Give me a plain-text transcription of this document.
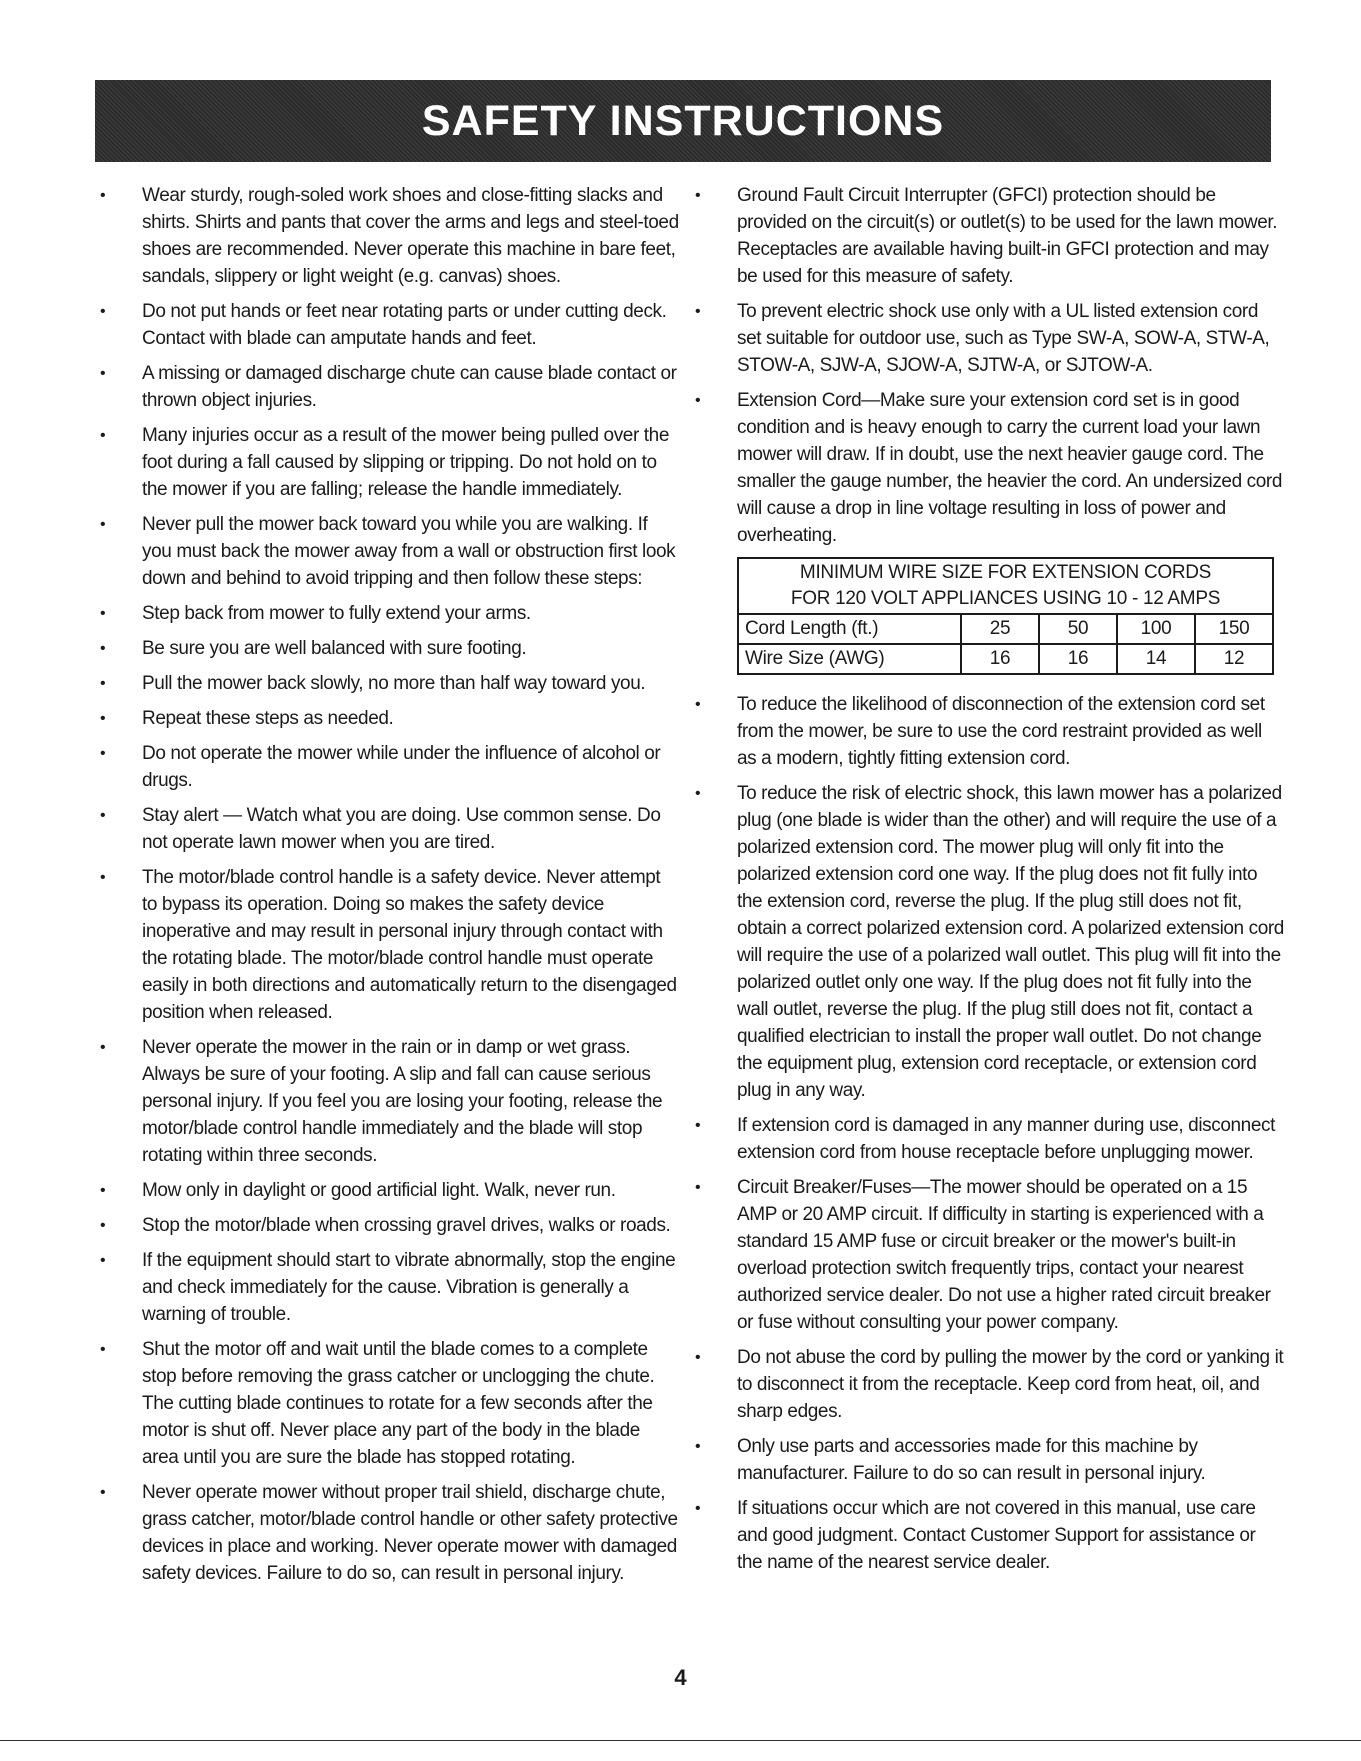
SAFETY INSTRUCTIONS
• Wear sturdy, rough-soled work shoes and close-fitting slacks and shirts. Shirts and pants that cover the arms and legs and steel-toed shoes are recommended. Never operate this machine in bare feet, sandals, slippery or light weight (e.g. canvas) shoes.
• Do not put hands or feet near rotating parts or under cutting deck. Contact with blade can amputate hands and feet.
• A missing or damaged discharge chute can cause blade contact or thrown object injuries.
• Many injuries occur as a result of the mower being pulled over the foot during a fall caused by slipping or tripping. Do not hold on to the mower if you are falling; release the handle immediately.
• Never pull the mower back toward you while you are walking. If you must back the mower away from a wall or obstruction first look down and behind to avoid tripping and then follow these steps:
• Step back from mower to fully extend your arms.
• Be sure you are well balanced with sure footing.
• Pull the mower back slowly, no more than half way toward you.
• Repeat these steps as needed.
• Do not operate the mower while under the influence of alcohol or drugs.
• Stay alert — Watch what you are doing. Use common sense. Do not operate lawn mower when you are tired.
• The motor/blade control handle is a safety device. Never attempt to bypass its operation. Doing so makes the safety device inoperative and may result in personal injury through contact with the rotating blade. The motor/blade control handle must operate easily in both directions and automatically return to the disengaged position when released.
• Never operate the mower in the rain or in damp or wet grass. Always be sure of your footing. A slip and fall can cause serious personal injury. If you feel you are losing your footing, release the motor/blade control handle immediately and the blade will stop rotating within three seconds.
• Mow only in daylight or good artificial light. Walk, never run.
• Stop the motor/blade when crossing gravel drives, walks or roads.
• If the equipment should start to vibrate abnormally, stop the engine and check immediately for the cause. Vibration is generally a warning of trouble.
• Shut the motor off and wait until the blade comes to a complete stop before removing the grass catcher or unclogging the chute. The cutting blade continues to rotate for a few seconds after the motor is shut off. Never place any part of the body in the blade area until you are sure the blade has stopped rotating.
• Never operate mower without proper trail shield, discharge chute, grass catcher, motor/blade control handle or other safety protective devices in place and working. Never operate mower with damaged safety devices. Failure to do so, can result in personal injury.
• Ground Fault Circuit Interrupter (GFCI) protection should be provided on the circuit(s) or outlet(s) to be used for the lawn mower. Receptacles are available having built-in GFCI protection and may be used for this measure of safety.
• To prevent electric shock use only with a UL listed extension cord set suitable for outdoor use, such as Type SW-A, SOW-A, STW-A, STOW-A, SJW-A, SJOW-A, SJTW-A, or SJTOW-A.
• Extension Cord—Make sure your extension cord set is in good condition and is heavy enough to carry the current load your lawn mower will draw. If in doubt, use the next heavier gauge cord. The smaller the gauge number, the heavier the cord. An undersized cord will cause a drop in line voltage resulting in loss of power and overheating.
MINIMUM WIRE SIZE FOR EXTENSION CORDS
FOR 120 VOLT APPLIANCES USING 10 - 12 AMPS				
Cord Length (ft.)	25	50	100	150
Wire Size (AWG)	16	16	14	12
• To reduce the likelihood of disconnection of the extension cord set from the mower, be sure to use the cord restraint provided as well as a modern, tightly fitting extension cord.
• To reduce the risk of electric shock, this lawn mower has a polarized plug (one blade is wider than the other) and will require the use of a polarized extension cord. The mower plug will only fit into the polarized extension cord one way. If the plug does not fit fully into the extension cord, reverse the plug. If the plug still does not fit, obtain a correct polarized extension cord. A polarized extension cord will require the use of a polarized wall outlet. This plug will fit into the polarized outlet only one way. If the plug does not fit fully into the wall outlet, reverse the plug. If the plug still does not fit, contact a qualified electrician to install the proper wall outlet. Do not change the equipment plug, extension cord receptacle, or extension cord plug in any way.
• If extension cord is damaged in any manner during use, disconnect extension cord from house receptacle before unplugging mower.
• Circuit Breaker/Fuses—The mower should be operated on a 15 AMP or 20 AMP circuit. If difficulty in starting is experienced with a standard 15 AMP fuse or circuit breaker or the mower's built-in overload protection switch frequently trips, contact your nearest authorized service dealer. Do not use a higher rated circuit breaker or fuse without consulting your power company.
• Do not abuse the cord by pulling the mower by the cord or yanking it to disconnect it from the receptacle. Keep cord from heat, oil, and sharp edges.
• Only use parts and accessories made for this machine by manufacturer. Failure to do so can result in personal injury.
• If situations occur which are not covered in this manual, use care and good judgment. Contact Customer Support for assistance or the name of the nearest service dealer.
4
